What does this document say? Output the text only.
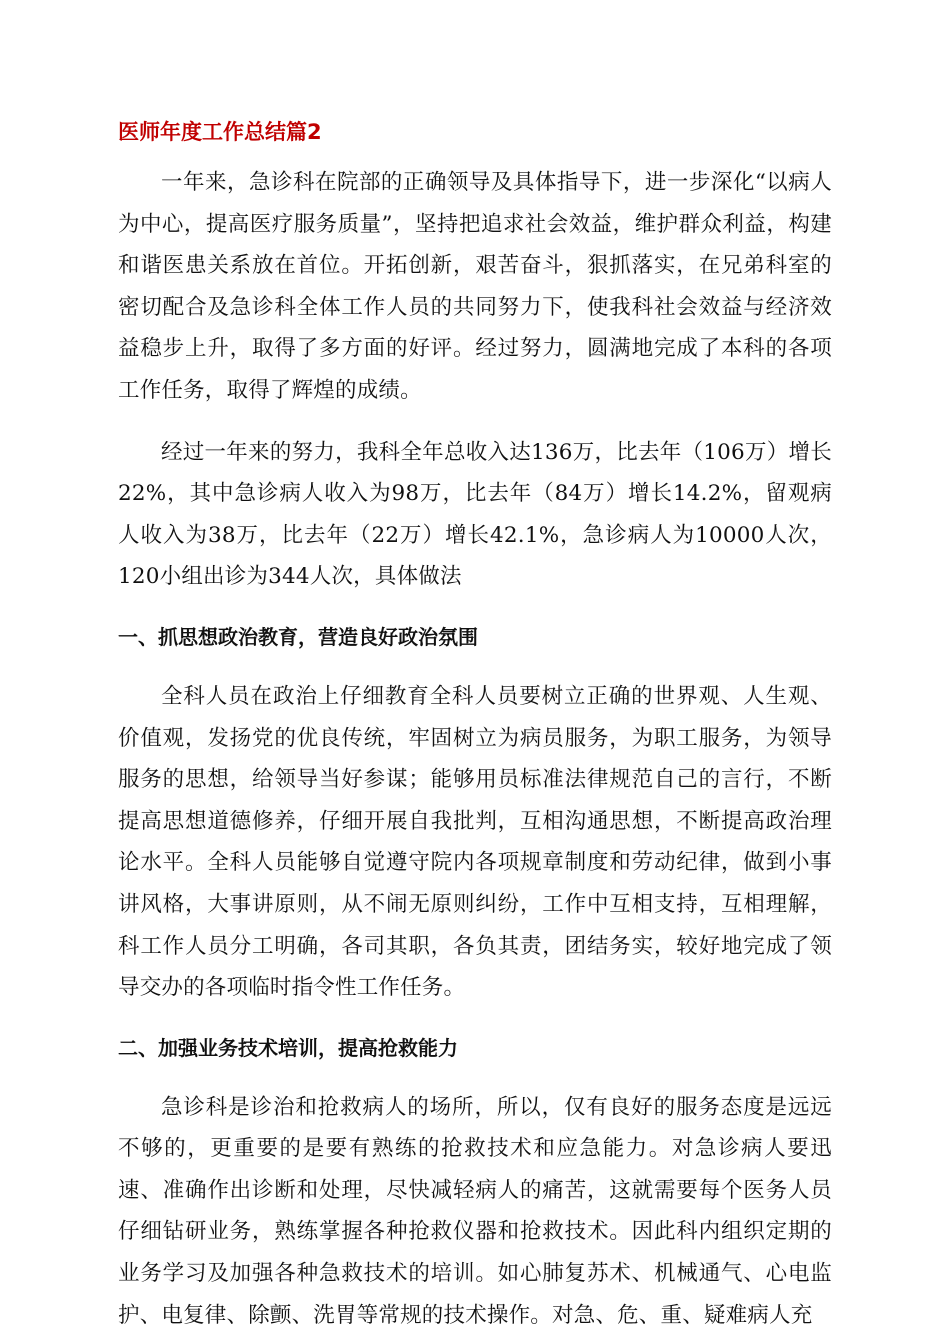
医师年度工作总结篇2

一年来，急诊科在院部的正确领导及具体指导下，进一步深化“以病人为中心，提高医疗服务质量”，坚持把追求社会效益，维护群众利益，构建和谐医患关系放在首位。开拓创新，艰苦奋斗，狠抓落实，在兄弟科室的密切配合及急诊科全体工作人员的共同努力下，使我科社会效益与经济效益稳步上升，取得了多方面的好评。经过努力，圆满地完成了本科的各项工作任务，取得了辉煌的成绩。

经过一年来的努力，我科全年总收入达136万，比去年（106万）增长22%，其中急诊病人收入为98万，比去年（84万）增长14.2%，留观病人收入为38万，比去年（22万）增长42.1%，急诊病人为10000人次，120小组出诊为344人次，具体做法

一、抓思想政治教育，营造良好政治氛围

全科人员在政治上仔细教育全科人员要树立正确的世界观、人生观、价值观，发扬党的优良传统，牢固树立为病员服务，为职工服务，为领导服务的思想，给领导当好参谋；能够用员标准法律规范自己的言行，不断提高思想道德修养，仔细开展自我批判，互相沟通思想，不断提高政治理论水平。全科人员能够自觉遵守院内各项规章制度和劳动纪律，做到小事讲风格，大事讲原则，从不闹无原则纠纷，工作中互相支持，互相理解，科工作人员分工明确，各司其职，各负其责，团结务实，较好地完成了领导交办的各项临时指令性工作任务。

二、加强业务技术培训，提高抢救能力

急诊科是诊治和抢救病人的场所，所以，仅有良好的服务态度是远远不够的，更重要的是要有熟练的抢救技术和应急能力。对急诊病人要迅速、准确作出诊断和处理，尽快减轻病人的痛苦，这就需要每个医务人员仔细钻研业务，熟练掌握各种抢救仪器和抢救技术。因此科内组织定期的业务学习及加强各种急救技术的培训。如心肺复苏术、机械通气、心电监护、电复律、除颤、洗胃等常规的技术操作。对急、危、重、疑难病人充
